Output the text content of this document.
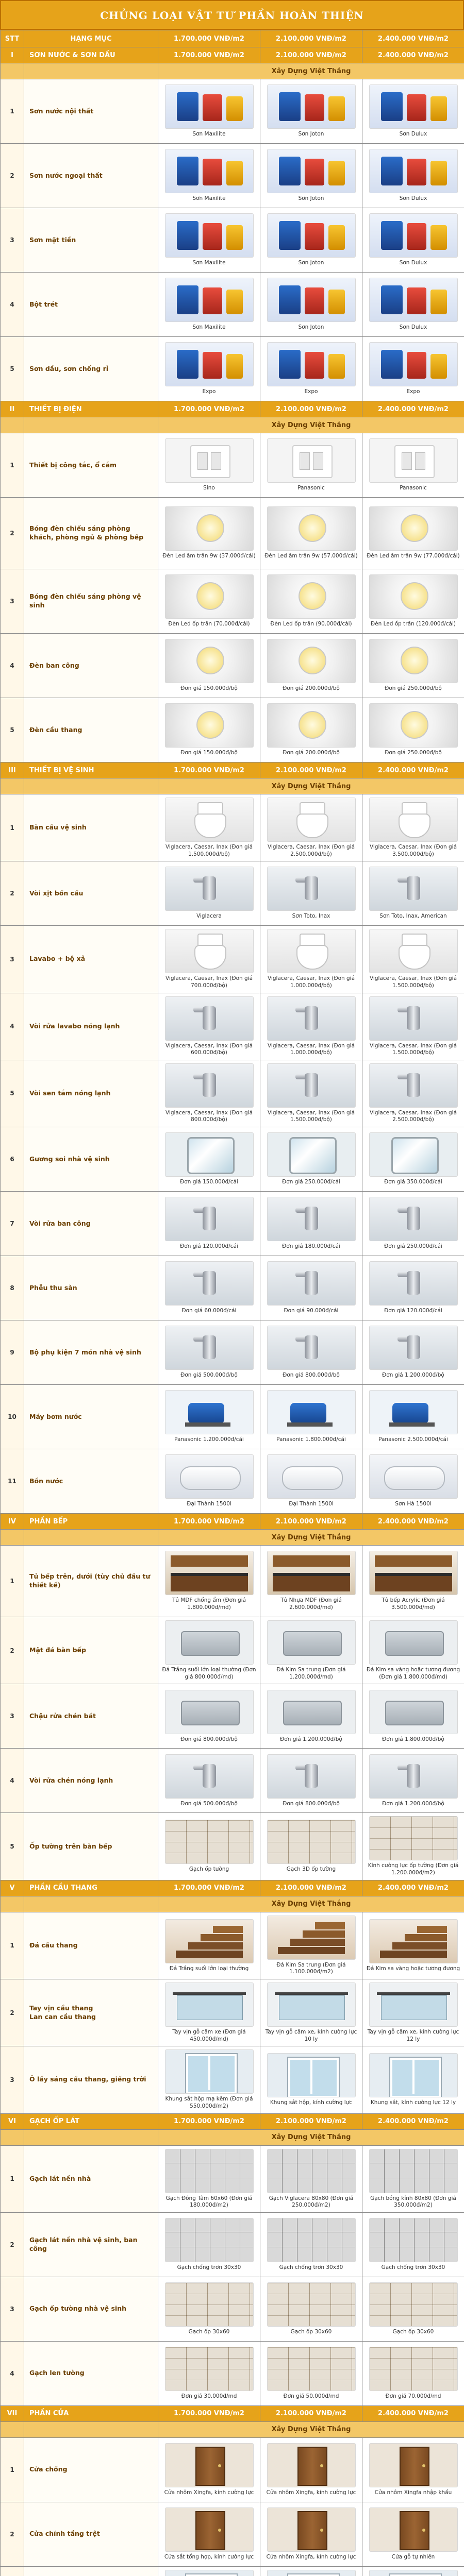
CHỦNG LOẠI VẬT TƯ PHẦN HOÀN THIỆN
STT	HẠNG MỤC	1.700.000 VNĐ/m2	2.100.000 VNĐ/m2	2.400.000 VNĐ/m2
I	SƠN NƯỚC & SƠN DẦU	1.700.000 VNĐ/m2	2.100.000 VNĐ/m2	2.400.000 VNĐ/m2
		Xây Dựng Việt Thắng		
1	Sơn nước nội thất	Sơn Maxilite	Sơn Joton	Sơn Dulux

2	Sơn nước ngoại thất	Sơn Maxilite	Sơn Joton	Sơn Dulux

3	Sơn mặt tiền	Sơn Maxilite	Sơn Joton	Sơn Dulux

4	Bột trét	Sơn Maxilite	Sơn Joton	Sơn Dulux

5	Sơn dầu, sơn chống rỉ	Expo	Expo	Expo

II	THIẾT BỊ ĐIỆN	1.700.000 VNĐ/m2	2.100.000 VNĐ/m2	2.400.000 VNĐ/m2
		Xây Dựng Việt Thắng		
1	Thiết bị công tắc, ổ cắm	Sino	Panasonic	Panasonic

2	Bóng đèn chiếu sáng phòng khách, phòng ngủ & phòng bếp	Đèn Led âm trần 9w (37.000đ/cái)	Đèn Led âm trần 9w (57.000đ/cái)	Đèn Led âm trần 9w (77.000đ/cái)

3	Bóng đèn chiếu sáng phòng vệ sinh	Đèn Led ốp trần (70.000đ/cái)	Đèn Led ốp trần (90.000đ/cái)	Đèn Led ốp trần (120.000đ/cái)

4	Đèn ban công	Đơn giá 150.000đ/bộ	Đơn giá 200.000đ/bộ	Đơn giá 250.000đ/bộ

5	Đèn cầu thang	Đơn giá 150.000đ/bộ	Đơn giá 200.000đ/bộ	Đơn giá 250.000đ/bộ

III	THIẾT BỊ VỆ SINH	1.700.000 VNĐ/m2	2.100.000 VNĐ/m2	2.400.000 VNĐ/m2
		Xây Dựng Việt Thắng		
1	Bàn cầu vệ sinh	Viglacera, Caesar, Inax (Đơn giá 1.500.000đ/bộ)	Viglacera, Caesar, Inax (Đơn giá 2.500.000đ/bộ)	Viglacera, Caesar, Inax (Đơn giá 3.500.000đ/bộ)

2	Vòi xịt bồn cầu	Viglacera	Sơn Toto, Inax	Sơn Toto, Inax, American

3	Lavabo + bộ xả	Viglacera, Caesar, Inax (Đơn giá 700.000đ/bộ)	Viglacera, Caesar, Inax (Đơn giá 1.000.000đ/bộ)	Viglacera, Caesar, Inax (Đơn giá 1.500.000đ/bộ)

4	Vòi rửa lavabo nóng lạnh	Viglacera, Caesar, Inax (Đơn giá 600.000đ/bộ)	Viglacera, Caesar, Inax (Đơn giá 1.000.000đ/bộ)	Viglacera, Caesar, Inax (Đơn giá 1.500.000đ/bộ)

5	Vòi sen tắm nóng lạnh	Viglacera, Caesar, Inax (Đơn giá 800.000đ/bộ)	Viglacera, Caesar, Inax (Đơn giá 1.500.000đ/bộ)	Viglacera, Caesar, Inax (Đơn giá 2.500.000đ/bộ)

6	Gương soi nhà vệ sinh	Đơn giá 150.000đ/cái	Đơn giá 250.000đ/cái	Đơn giá 350.000đ/cái

7	Vòi rửa ban công	Đơn giá 120.000đ/cái	Đơn giá 180.000đ/cái	Đơn giá 250.000đ/cái

8	Phễu thu sàn	Đơn giá 60.000đ/cái	Đơn giá 90.000đ/cái	Đơn giá 120.000đ/cái

9	Bộ phụ kiện 7 món nhà vệ sinh	Đơn giá 500.000đ/bộ	Đơn giá 800.000đ/bộ	Đơn giá 1.200.000đ/bộ

10	Máy bơm nước	Panasonic 1.200.000đ/cái	Panasonic 1.800.000đ/cái	Panasonic 2.500.000đ/cái

11	Bồn nước	Đại Thành 1500l	Đại Thành 1500l	Sơn Hà 1500l

IV	PHẦN BẾP	1.700.000 VNĐ/m2	2.100.000 VNĐ/m2	2.400.000 VNĐ/m2
		Xây Dựng Việt Thắng		
1	Tủ bếp trên, dưới (tùy chủ đầu tư thiết kế)	Tủ MDF chống ẩm (Đơn giá 1.800.000đ/md)	Tủ Nhựa MDF (Đơn giá 2.600.000đ/md)	Tủ bếp Acrylic (Đơn giá 3.500.000đ/md)

2	Mặt đá bàn bếp	Đá Trắng suối lớn loại thường (Đơn giá 800.000đ/md)	Đá Kim Sa trung (Đơn giá 1.200.000đ/md)	Đá Kim sa vàng hoặc tương đương (Đơn giá 1.800.000đ/md)

3	Chậu rửa chén bát	Đơn giá 800.000đ/bộ	Đơn giá 1.200.000đ/bộ	Đơn giá 1.800.000đ/bộ

4	Vòi rửa chén nóng lạnh	Đơn giá 500.000đ/bộ	Đơn giá 800.000đ/bộ	Đơn giá 1.200.000đ/bộ

5	Ốp tường trên bàn bếp	Gạch ốp tường	Gạch 3D ốp tường	Kính cường lực ốp tường (Đơn giá 1.200.000đ/m2)

V	PHẦN CẦU THANG	1.700.000 VNĐ/m2	2.100.000 VNĐ/m2	2.400.000 VNĐ/m2
		Xây Dựng Việt Thắng		
1	Đá cầu thang	Đá Trắng suối lớn loại thường	Đá Kim Sa trung (Đơn giá 1.100.000đ/m2)	Đá Kim sa vàng hoặc tương đương

2	Tay vịn cầu thang
Lan can cầu thang	Tay vịn gỗ căm xe (Đơn giá 450.000đ/md)	Tay vịn gỗ căm xe, kính cường lực 10 ly	Tay vịn gỗ căm xe, kính cường lực 12 ly

3	Ô lấy sáng cầu thang, giếng trời	Khung sắt hộp mạ kẽm (Đơn giá 550.000đ/m2)	Khung sắt hộp, kính cường lực	Khung sắt, kính cường lực 12 ly

VI	GẠCH ỐP LÁT	1.700.000 VNĐ/m2	2.100.000 VNĐ/m2	2.400.000 VNĐ/m2
		Xây Dựng Việt Thắng		
1	Gạch lát nền nhà	Gạch Đồng Tâm 60x60 (Đơn giá 180.000đ/m2)	Gạch Viglacera 80x80 (Đơn giá 250.000đ/m2)	Gạch bóng kính 80x80 (Đơn giá 350.000đ/m2)

2	Gạch lát nền nhà vệ sinh, ban công	Gạch chống trơn 30x30	Gạch chống trơn 30x30	Gạch chống trơn 30x30

3	Gạch ốp tường nhà vệ sinh	Gạch ốp 30x60	Gạch ốp 30x60	Gạch ốp 30x60

4	Gạch len tường	Đơn giá 30.000đ/md	Đơn giá 50.000đ/md	Đơn giá 70.000đ/md

VII	PHẦN CỬA	1.700.000 VNĐ/m2	2.100.000 VNĐ/m2	2.400.000 VNĐ/m2
		Xây Dựng Việt Thắng		
1	Cửa chống	Cửa nhôm Xingfa, kính cường lực	Cửa nhôm Xingfa, kính cường lực	Cửa nhôm Xingfa nhập khẩu

2	Cửa chính tầng trệt	Cửa sắt tổng hợp, kính cường lực	Cửa nhôm Xingfa, kính cường lực	Cửa gỗ tự nhiên
